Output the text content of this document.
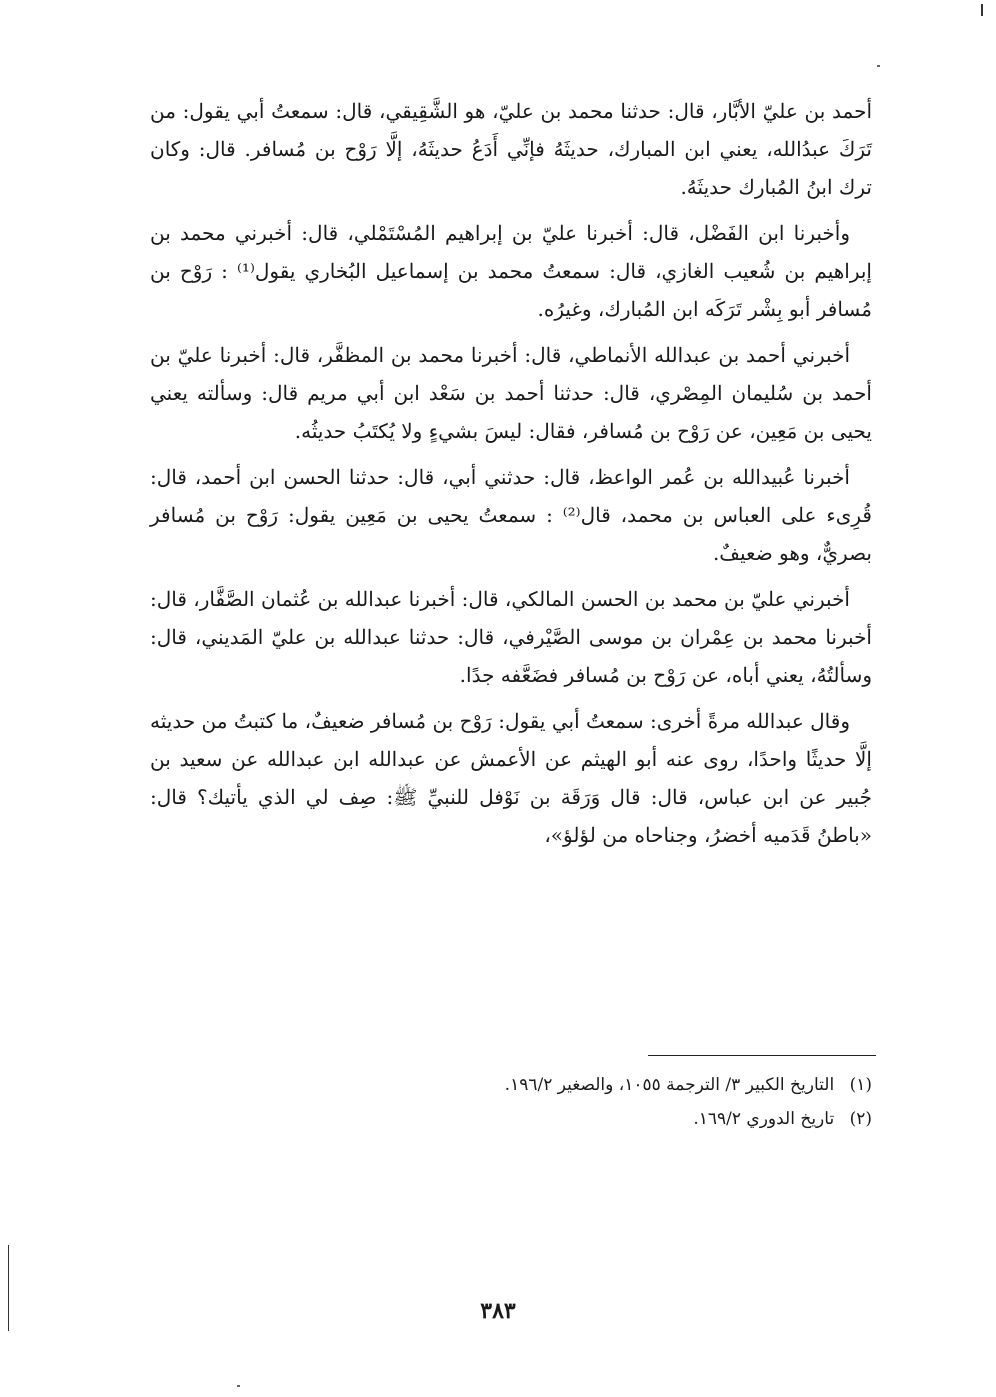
أحمد بن عليّ الأبَّار، قال: حدثنا محمد بن عليّ، هو الشَّقِيقي، قال: سمعتُ أبي يقول: من تَرَكَ عبدُالله، يعني ابن المبارك، حديثَهُ فإنِّي أَدَعُ حديثَهُ، إلَّا رَوْح بن مُسافر. قال: وكان ترك ابنُ المُبارك حديثَهُ.

وأخبرنا ابن الفَضْل، قال: أخبرنا عليّ بن إبراهيم المُسْتَمْلي، قال: أخبرني محمد بن إبراهيم بن شُعيب الغازي، قال: سمعتُ محمد بن إسماعيل البُخاري يقول⁽¹⁾ : رَوْح بن مُسافر أبو بِشْر تَرَكَه ابن المُبارك، وغيرُه.

أخبرني أحمد بن عبدالله الأنماطي، قال: أخبرنا محمد بن المظفَّر، قال: أخبرنا عليّ بن أحمد بن سُليمان المِصْري، قال: حدثنا أحمد بن سَعْد ابن أبي مريم قال: وسألته يعني يحيى بن مَعِين، عن رَوْح بن مُسافر، فقال: ليسَ بشيءٍ ولا يُكتَبُ حديثُه.

أخبرنا عُبيدالله بن عُمر الواعظ، قال: حدثني أبي، قال: حدثنا الحسن ابن أحمد، قال: قُرِىء على العباس بن محمد، قال⁽²⁾ : سمعتُ يحيى بن مَعِين يقول: رَوْح بن مُسافر بصريٌّ، وهو ضعيفٌ.

أخبرني عليّ بن محمد بن الحسن المالكي، قال: أخبرنا عبدالله بن عُثمان الصَّفَّار، قال: أخبرنا محمد بن عِمْران بن موسى الصَّيْرفي، قال: حدثنا عبدالله بن عليّ المَديني، قال: وسألتُهُ، يعني أباه، عن رَوْح بن مُسافر فضَعَّفه جدًا.

وقال عبدالله مرةً أخرى: سمعتُ أبي يقول: رَوْح بن مُسافر ضعيفٌ، ما كتبتُ من حديثه إلَّا حديثًا واحدًا، روى عنه أبو الهيثم عن الأعمش عن عبدالله ابن عبدالله عن سعيد بن جُبير عن ابن عباس، قال: قال وَرَقَة بن نَوْفل للنبيِّ ﷺ: صِف لي الذي يأتيك؟ قال: «باطنُ قَدَميه أخضرُ، وجناحاه من لؤلؤ»،

(١) التاريخ الكبير ٣/ الترجمة ١٠٥٥، والصغير ١٩٦/٢.

(٢) تاريخ الدوري ١٦٩/٢.

٣٨٣
